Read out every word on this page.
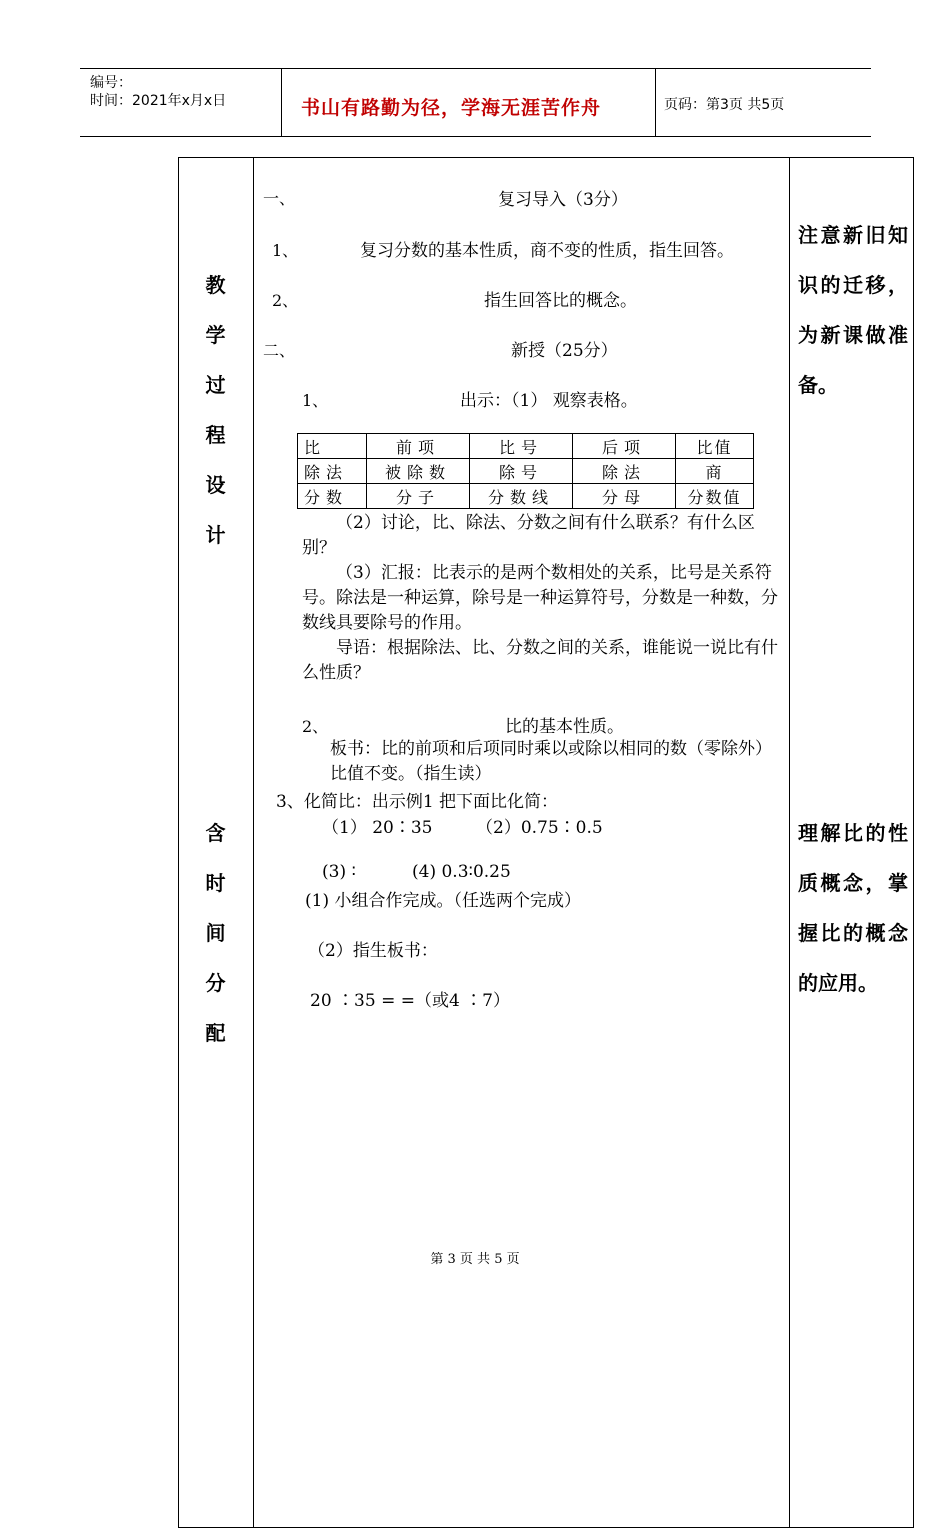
编号：
时间：2021年x月x日	书山有路勤为径，学海无涯苦作舟	页码：第3页 共5页
教
学
过
程
设
计
含
时
间
分
配
注意新旧知识的迁移，为新课做准备。
理解比的性质概念，掌握比的概念的应用。
一、	复习导入（3分）
1、	复习分数的基本性质，商不变的性质，指生回答。
2、	指生回答比的概念。
二、	新授（25分）
1、	出示：（1） 观察表格。
比	前项	比号	后项	比值
除法	被除数	除号	除法	商
分数	分子	分数线	分母	分数值
（2）讨论，比、除法、分数之间有什么联系？有什么区别？
（3）汇报：比表示的是两个数相处的关系，比号是关系符号。除法是一种运算，除号是一种运算符号，分数是一种数，分数线具要除号的作用。
导语：根据除法、比、分数之间的关系，谁能说一说比有什么性质？
2、	比的基本性质。
板书：比的前项和后项同时乘以或除以相同的数（零除外）比值不变。（指生读）
3、化简比：出示例1 把下面比化简：
（1） 20∶35	（2）0.75∶0.5
(3) ∶	(4) 0.3∶0.25
(1) 小组合作完成。（任选两个完成）
（2）指生板书：
20 ∶35 = =（或4 ∶7）
第 3 页 共 5 页
